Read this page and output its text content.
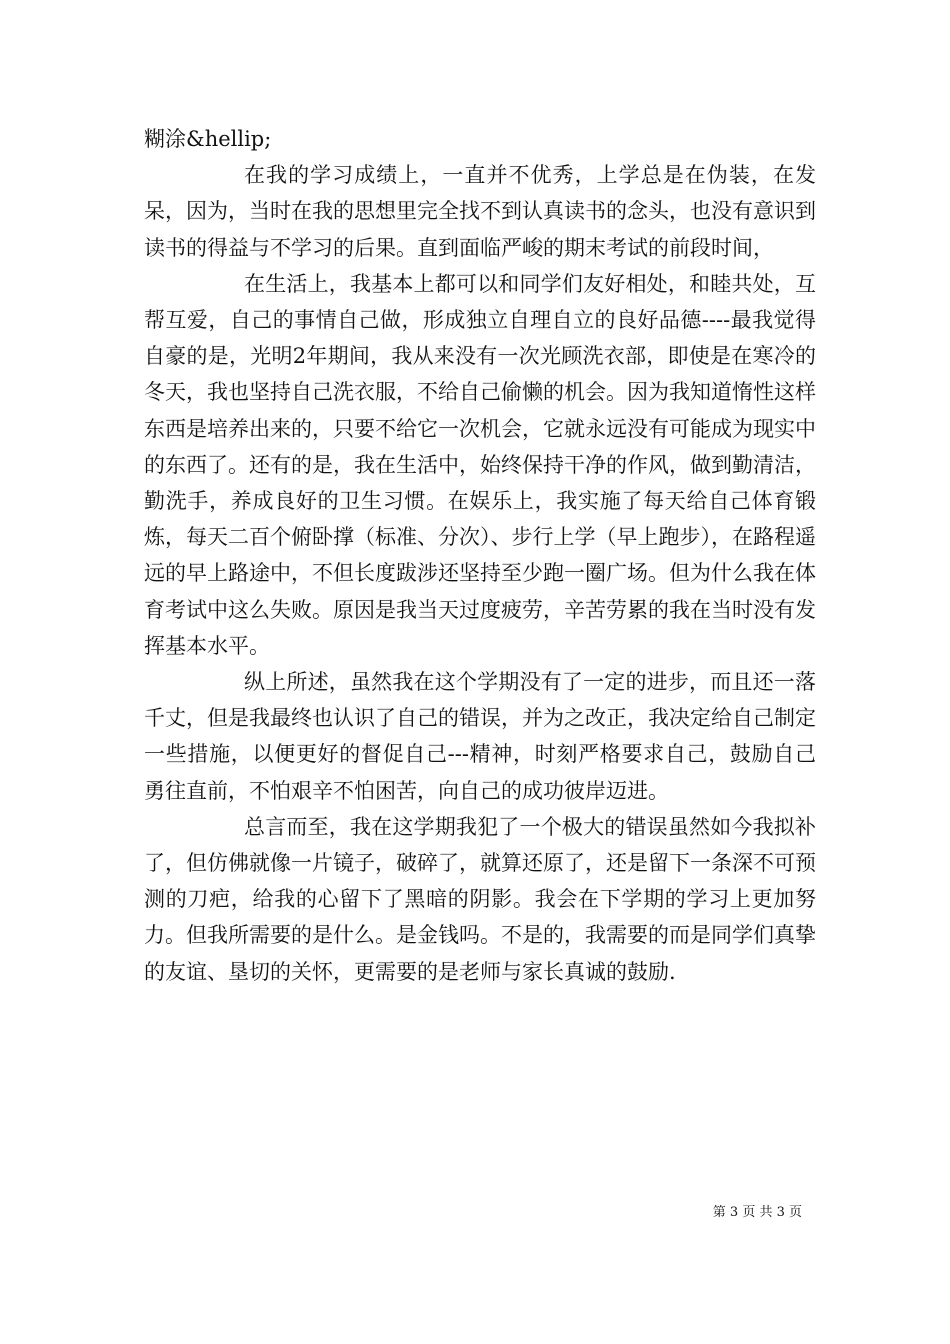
糊涂&hellip;

在我的学习成绩上，一直并不优秀，上学总是在伪装，在发呆，因为，当时在我的思想里完全找不到认真读书的念头，也没有意识到读书的得益与不学习的后果。直到面临严峻的期末考试的前段时间，

在生活上，我基本上都可以和同学们友好相处，和睦共处，互帮互爱，自己的事情自己做，形成独立自理自立的良好品德----最我觉得自豪的是，光明2年期间，我从来没有一次光顾洗衣部，即使是在寒冷的冬天，我也坚持自己洗衣服，不给自己偷懒的机会。因为我知道惰性这样东西是培养出来的，只要不给它一次机会，它就永远没有可能成为现实中的东西了。还有的是，我在生活中，始终保持干净的作风，做到勤清洁，勤洗手，养成良好的卫生习惯。在娱乐上，我实施了每天给自己体育锻炼，每天二百个俯卧撑（标准、分次）、步行上学（早上跑步），在路程遥远的早上路途中，不但长度跋涉还坚持至少跑一圈广场。但为什么我在体育考试中这么失败。原因是我当天过度疲劳，辛苦劳累的我在当时没有发挥基本水平。

纵上所述，虽然我在这个学期没有了一定的进步，而且还一落千丈，但是我最终也认识了自己的错误，并为之改正，我决定给自己制定一些措施，以便更好的督促自己---精神，时刻严格要求自己，鼓励自己勇往直前，不怕艰辛不怕困苦，向自己的成功彼岸迈进。

总言而至，我在这学期我犯了一个极大的错误虽然如今我拟补了，但仿佛就像一片镜子，破碎了，就算还原了，还是留下一条深不可预测的刀疤，给我的心留下了黑暗的阴影。我会在下学期的学习上更加努力。但我所需要的是什么。是金钱吗。不是的，我需要的而是同学们真挚的友谊、垦切的关怀，更需要的是老师与家长真诚的鼓励.

第 3 页 共 3 页
